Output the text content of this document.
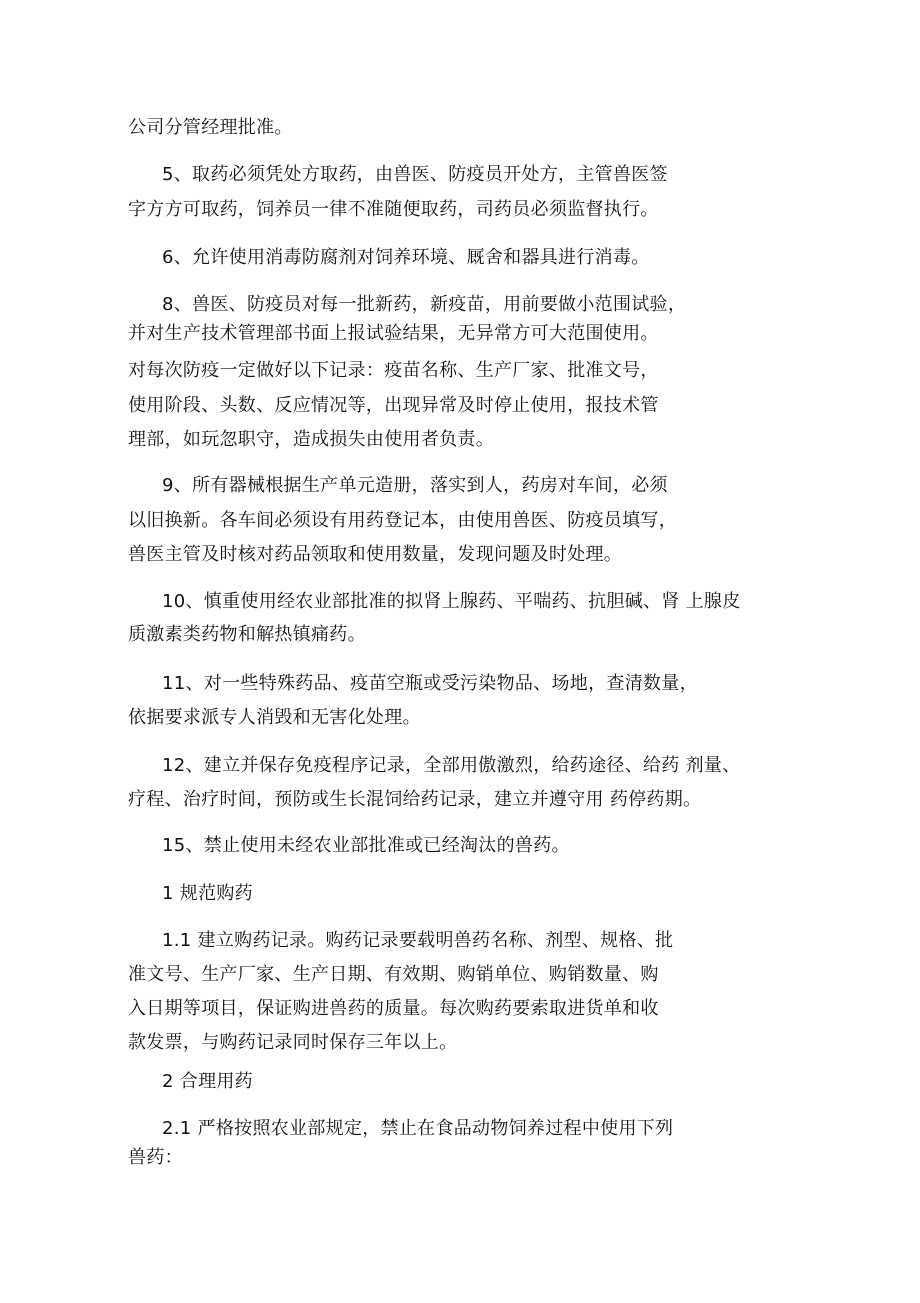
公司分管经理批准。
5、取药必须凭处方取药，由兽医、防疫员开处方，主管兽医签
字方方可取药，饲养员一律不准随便取药，司药员必须监督执行。
6、允许使用消毒防腐剂对饲养环境、厩舍和器具进行消毒。
8、兽医、防疫员对每一批新药，新疫苗，用前要做小范围试验，
并对生产技术管理部书面上报试验结果，无异常方可大范围使用。
对每次防疫一定做好以下记录：疫苗名称、生产厂家、批准文号，
使用阶段、头数、反应情况等，出现异常及时停止使用，报技术管
理部，如玩忽职守，造成损失由使用者负责。
9、所有器械根据生产单元造册，落实到人，药房对车间，必须
以旧换新。各车间必须设有用药登记本，由使用兽医、防疫员填写，
兽医主管及时核对药品领取和使用数量，发现问题及时处理。
10、慎重使用经农业部批准的拟肾上腺药、平喘药、抗胆碱、肾 上腺皮
质激素类药物和解热镇痛药。
11、对一些特殊药品、疫苗空瓶或受污染物品、场地，查清数量，
依据要求派专人消毁和无害化处理。
12、建立并保存免疫程序记录，全部用傲激烈，给药途径、给药 剂量、
疗程、治疗时间，预防或生长混饲给药记录，建立并遵守用 药停药期。
15、禁止使用未经农业部批准或已经淘汰的兽药。
1 规范购药
1.1 建立购药记录。购药记录要载明兽药名称、剂型、规格、批
准文号、生产厂家、生产日期、有效期、购销单位、购销数量、购
入日期等项目，保证购进兽药的质量。每次购药要索取进货单和收
款发票，与购药记录同时保存三年以上。
2 合理用药
2.1 严格按照农业部规定，禁止在食品动物饲养过程中使用下列
兽药：
